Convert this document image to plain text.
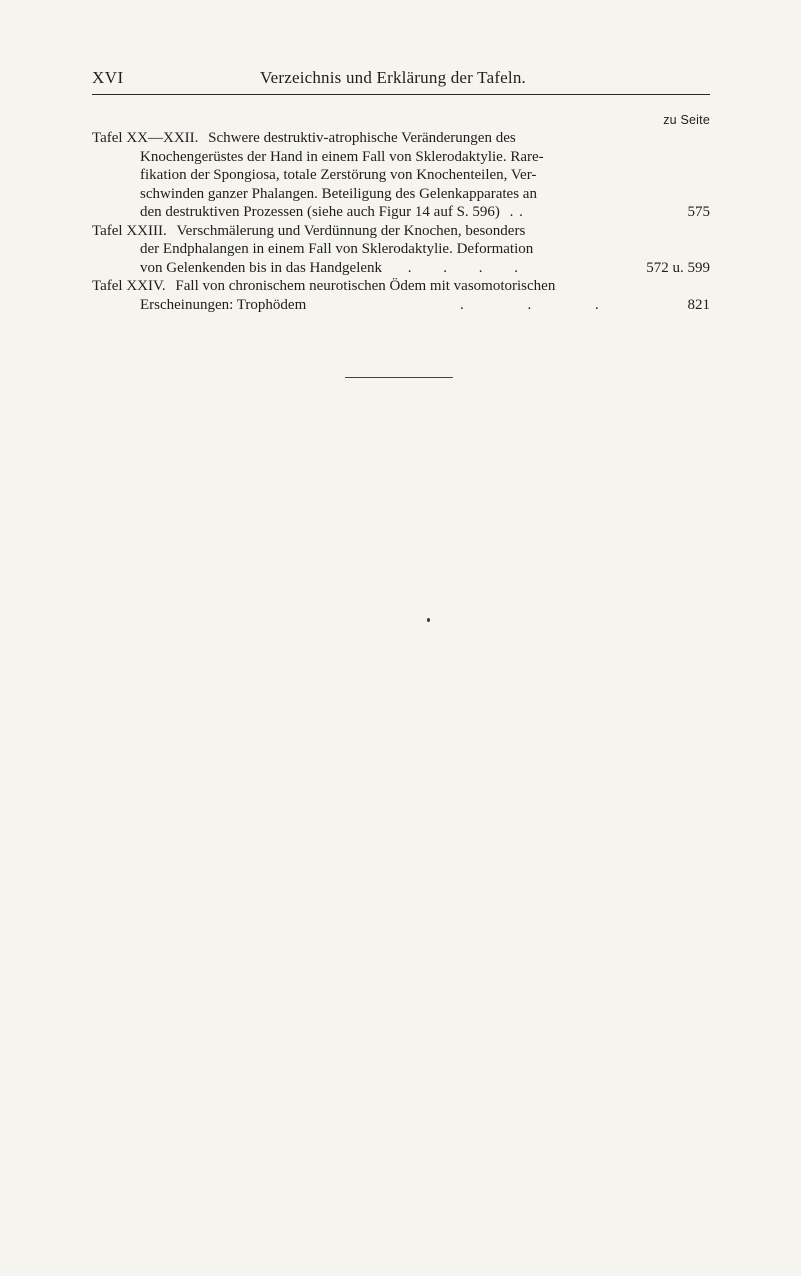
XVI	Verzeichnis und Erklärung der Tafeln.
zu Seite
Tafel XX—XXII. Schwere destruktiv-atrophische Veränderungen des
Knochengerüstes der Hand in einem Fall von Sklerodaktylie. Rare-
fikation der Spongiosa, totale Zerstörung von Knochenteilen, Ver-
schwinden ganzer Phalangen. Beteiligung des Gelenkapparates an
den destruktiven Prozessen (siehe auch Figur 14 auf S. 596) . .	575
Tafel XXIII. Verschmälerung und Verdünnung der Knochen, besonders
der Endphalangen in einem Fall von Sklerodaktylie. Deformation
von Gelenkenden bis in das Handgelenk . . . .	572 u. 599
Tafel XXIV. Fall von chronischem neurotischen Ödem mit vasomotorischen
Erscheinungen: Trophödem	. . .	821
